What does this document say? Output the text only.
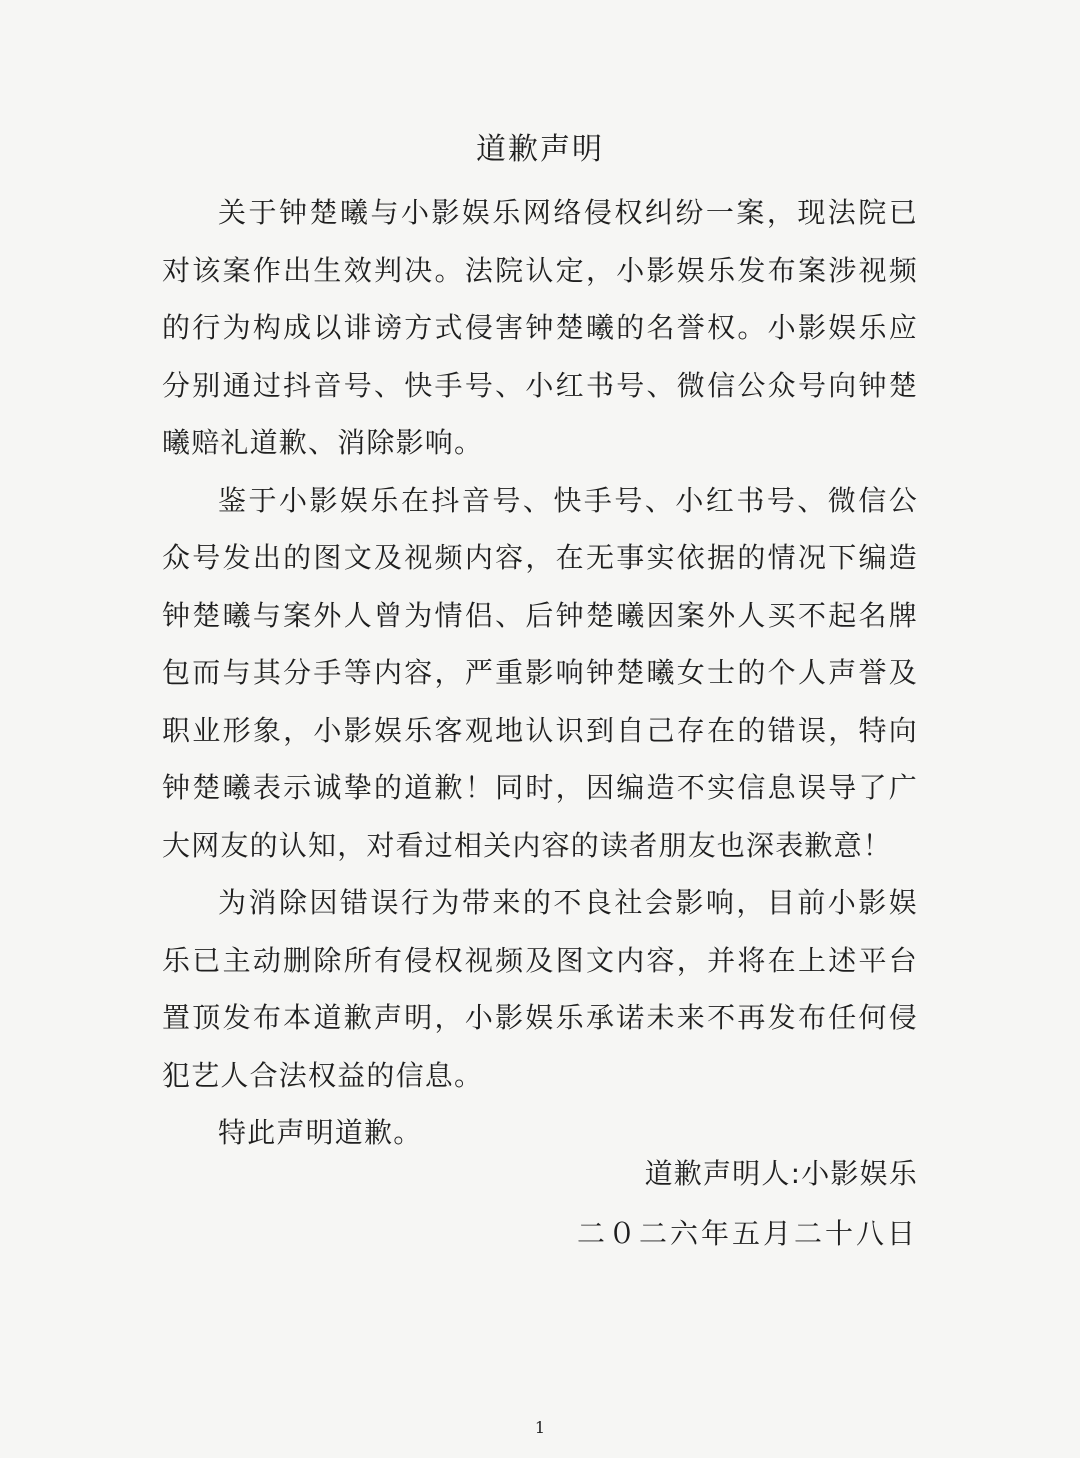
道歉声明

关于钟楚曦与小影娱乐网络侵权纠纷一案，现法院已对该案作出生效判决。法院认定，小影娱乐发布案涉视频的行为构成以诽谤方式侵害钟楚曦的名誉权。小影娱乐应分别通过抖音号、快手号、小红书号、微信公众号向钟楚曦赔礼道歉、消除影响。

鉴于小影娱乐在抖音号、快手号、小红书号、微信公众号发出的图文及视频内容，在无事实依据的情况下编造钟楚曦与案外人曾为情侣、后钟楚曦因案外人买不起名牌包而与其分手等内容，严重影响钟楚曦女士的个人声誉及职业形象，小影娱乐客观地认识到自己存在的错误，特向钟楚曦表示诚挚的道歉！同时，因编造不实信息误导了广大网友的认知，对看过相关内容的读者朋友也深表歉意！

为消除因错误行为带来的不良社会影响，目前小影娱乐已主动删除所有侵权视频及图文内容，并将在上述平台置顶发布本道歉声明，小影娱乐承诺未来不再发布任何侵犯艺人合法权益的信息。

特此声明道歉。

道歉声明人:小影娱乐
二０二六年五月二十八日
1
